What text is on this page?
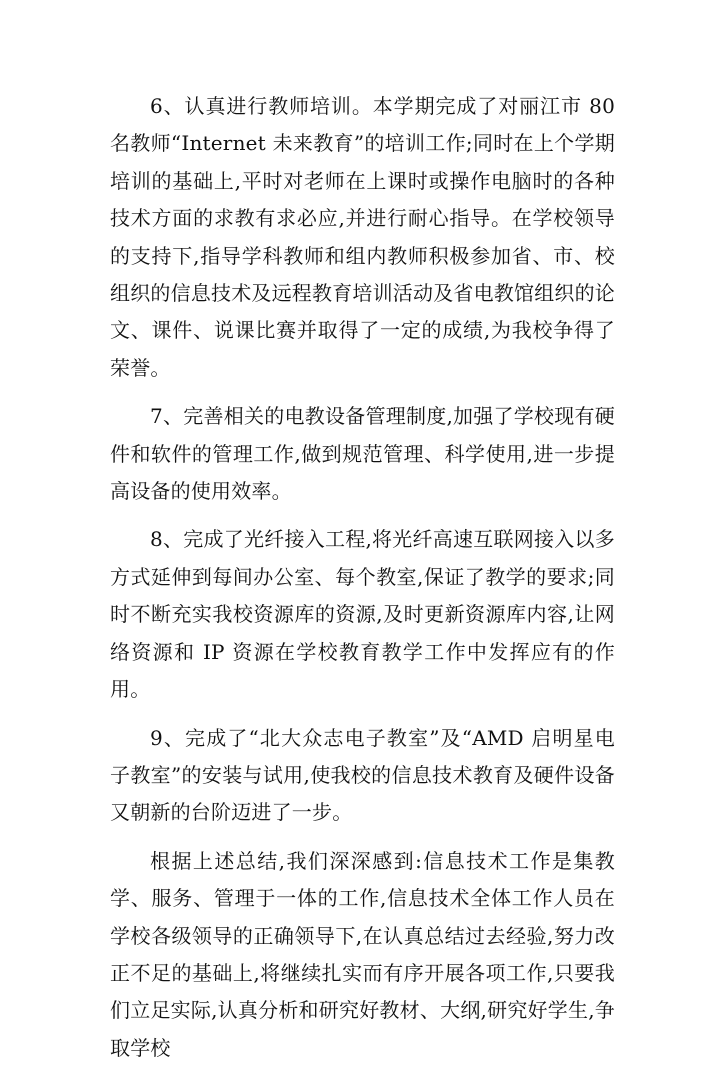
6、认真进行教师培训。本学期完成了对丽江市 80 名教师“Internet 未来教育”的培训工作;同时在上个学期培训的基础上,平时对老师在上课时或操作电脑时的各种技术方面的求教有求必应,并进行耐心指导。在学校领导的支持下,指导学科教师和组内教师积极参加省、市、校组织的信息技术及远程教育培训活动及省电教馆组织的论文、课件、说课比赛并取得了一定的成绩,为我校争得了荣誉。

7、完善相关的电教设备管理制度,加强了学校现有硬件和软件的管理工作,做到规范管理、科学使用,进一步提高设备的使用效率。

8、完成了光纤接入工程,将光纤高速互联网接入以多方式延伸到每间办公室、每个教室,保证了教学的要求;同时不断充实我校资源库的资源,及时更新资源库内容,让网络资源和 IP 资源在学校教育教学工作中发挥应有的作用。

9、完成了“北大众志电子教室”及“AMD 启明星电子教室”的安装与试用,使我校的信息技术教育及硬件设备又朝新的台阶迈进了一步。

根据上述总结,我们深深感到:信息技术工作是集教学、服务、管理于一体的工作,信息技术全体工作人员在学校各级领导的正确领导下,在认真总结过去经验,努力改正不足的基础上,将继续扎实而有序开展各项工作,只要我们立足实际,认真分析和研究好教材、大纲,研究好学生,争取学校
